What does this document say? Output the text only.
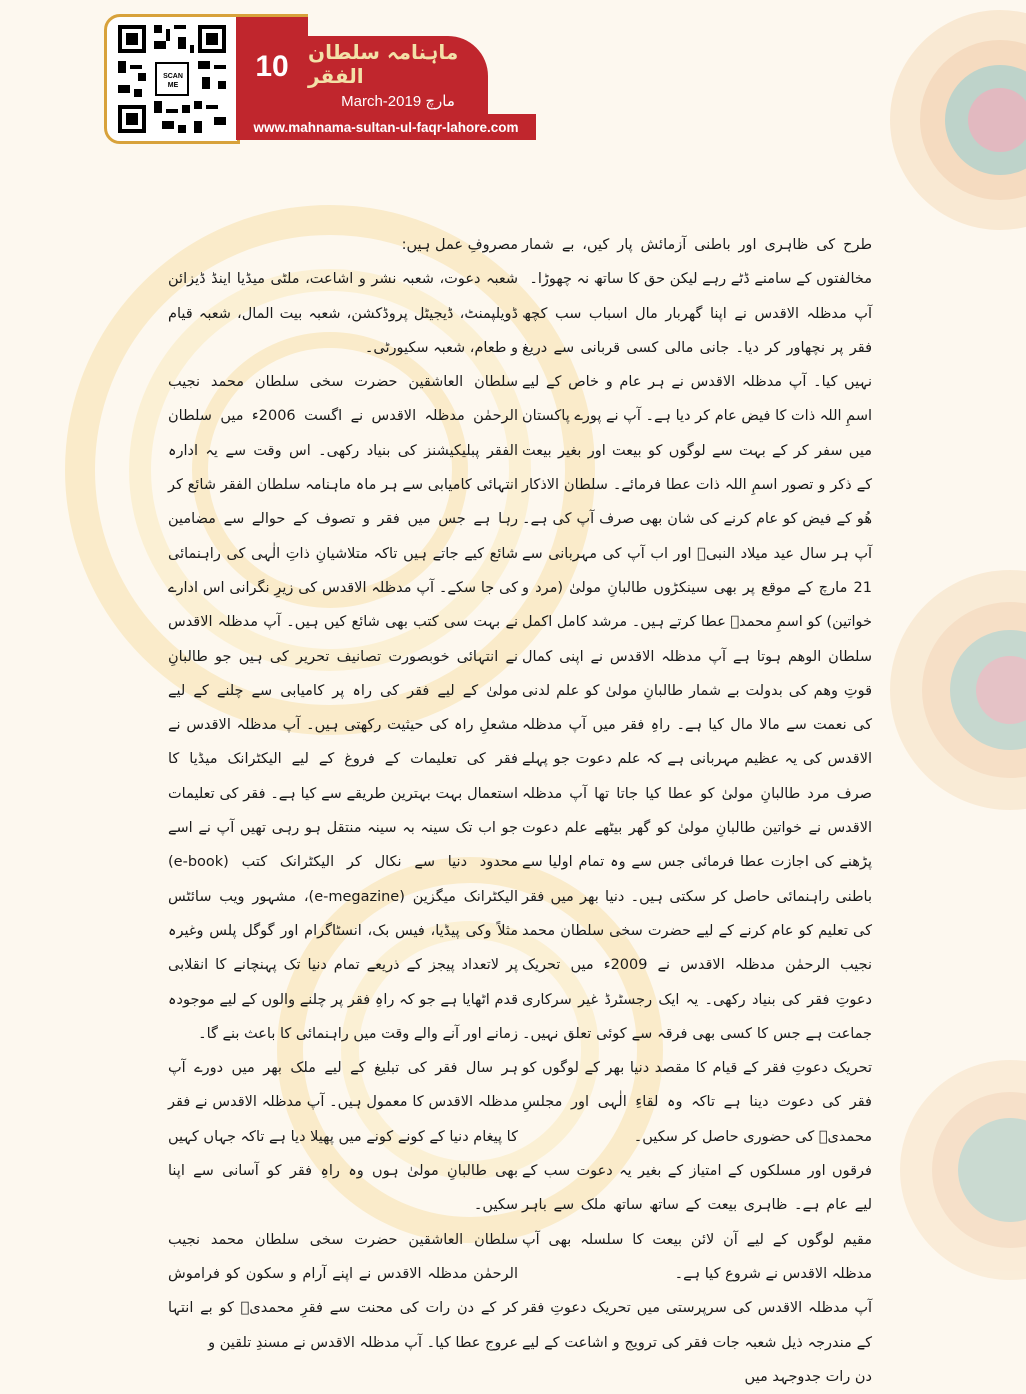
SCAN ME
10 ماہنامہ سلطان الفقر
March-2019 مارچ
www.mahnama-sultan-ul-faqr-lahore.com

طرح کی ظاہری اور باطنی آزمائش پار کیں، بے شمار مخالفتوں کے سامنے ڈٹے رہے لیکن حق کا ساتھ نہ چھوڑا۔

آپ مدظلہ الاقدس نے اپنا گھربار مال اسباب سب کچھ فقر پر نچھاور کر دیا۔ جانی مالی کسی قربانی سے دریغ نہیں کیا۔ آپ مدظلہ الاقدس نے ہر عام و خاص کے لیے اسمِ اللہ ذات کا فیض عام کر دیا ہے۔ آپ نے پورے پاکستان میں سفر کر کے بہت سے لوگوں کو بیعت اور بغیر بیعت کے ذکر و تصور اسمِ اللہ ذات عطا فرمائے۔ سلطان الاذکار ھُو کے فیض کو عام کرنے کی شان بھی صرف آپ کی ہے۔ آپ ہر سال عید میلاد النبیؐ اور اب آپ کی مہربانی سے 21 مارچ کے موقع پر بھی سینکڑوں طالبانِ مولیٰ (مرد و خواتین) کو اسمِ محمدؐ عطا کرتے ہیں۔ مرشد کامل اکمل سلطان الوھم ہوتا ہے آپ مدظلہ الاقدس نے اپنی کمال قوتِ وھم کی بدولت بے شمار طالبانِ مولیٰ کو علم لدنی کی نعمت سے مالا مال کیا ہے۔ راہِ فقر میں آپ مدظلہ الاقدس کی یہ عظیم مہربانی ہے کہ علم دعوت جو پہلے صرف مرد طالبانِ مولیٰ کو عطا کیا جاتا تھا آپ مدظلہ الاقدس نے خواتین طالبانِ مولیٰ کو گھر بیٹھے علم دعوت پڑھنے کی اجازت عطا فرمائی جس سے وہ تمام اولیا سے باطنی راہنمائی حاصل کر سکتی ہیں۔ دنیا بھر میں فقر کی تعلیم کو عام کرنے کے لیے حضرت سخی سلطان محمد نجیب الرحمٰن مدظلہ الاقدس نے 2009ء میں تحریک دعوتِ فقر کی بنیاد رکھی۔ یہ ایک رجسٹرڈ غیر سرکاری جماعت ہے جس کا کسی بھی فرقہ سے کوئی تعلق نہیں۔ تحریک دعوتِ فقر کے قیام کا مقصد دنیا بھر کے لوگوں کو فقر کی دعوت دینا ہے تاکہ وہ لقاءِ الٰہی اور مجلسِ محمدیؐ کی حضوری حاصل کر سکیں۔

فرقوں اور مسلکوں کے امتیاز کے بغیر یہ دعوت سب کے لیے عام ہے۔ ظاہری بیعت کے ساتھ ساتھ ملک سے باہر مقیم لوگوں کے لیے آن لائن بیعت کا سلسلہ بھی آپ مدظلہ الاقدس نے شروع کیا ہے۔

آپ مدظلہ الاقدس کی سرپرستی میں تحریک دعوتِ فقر کے مندرجہ ذیل شعبہ جات فقر کی ترویج و اشاعت کے لیے دن رات جدوجہد میں

مصروفِ عمل ہیں:

شعبہ دعوت، شعبہ نشر و اشاعت، ملٹی میڈیا اینڈ ڈیزائن ڈویلپمنٹ، ڈیجیٹل پروڈکشن، شعبہ بیت المال، شعبہ قیام و طعام، شعبہ سکیورٹی۔

سلطان العاشقین حضرت سخی سلطان محمد نجیب الرحمٰن مدظلہ الاقدس نے اگست 2006ء میں سلطان الفقر پبلیکیشنز کی بنیاد رکھی۔ اس وقت سے یہ ادارہ انتہائی کامیابی سے ہر ماہ ماہنامہ سلطان الفقر شائع کر رہا ہے جس میں فقر و تصوف کے حوالے سے مضامین شائع کیے جاتے ہیں تاکہ متلاشیانِ ذاتِ الٰہی کی راہنمائی کی جا سکے۔ آپ مدظلہ الاقدس کی زیرِ نگرانی اس ادارے نے بہت سی کتب بھی شائع کیں ہیں۔ آپ مدظلہ الاقدس نے انتہائی خوبصورت تصانیف تحریر کی ہیں جو طالبانِ مولیٰ کے لیے فقر کی راہ پر کامیابی سے چلنے کے لیے مشعلِ راہ کی حیثیت رکھتی ہیں۔ آپ مدظلہ الاقدس نے فقر کی تعلیمات کے فروغ کے لیے الیکٹرانک میڈیا کا استعمال بہت بہترین طریقے سے کیا ہے۔ فقر کی تعلیمات جو اب تک سینہ بہ سینہ منتقل ہو رہی تھیں آپ نے اسے محدود دنیا سے نکال کر الیکٹرانک کتب (e-book) الیکٹرانک میگزین (e-megazine)، مشہور ویب سائٹس مثلاً وکی پیڈیا، فیس بک، انسٹاگرام اور گوگل پلس وغیرہ پر لاتعداد پیجز کے ذریعے تمام دنیا تک پہنچانے کا انقلابی قدم اٹھایا ہے جو کہ راہِ فقر پر چلنے والوں کے لیے موجودہ زمانے اور آنے والے وقت میں راہنمائی کا باعث بنے گا۔

ہر سال فقر کی تبلیغ کے لیے ملک بھر میں دورے آپ مدظلہ الاقدس کا معمول ہیں۔ آپ مدظلہ الاقدس نے فقر کا پیغام دنیا کے کونے کونے میں پھیلا دیا ہے تاکہ جہاں کہیں بھی طالبانِ مولیٰ ہوں وہ راہِ فقر کو آسانی سے اپنا سکیں۔

سلطان العاشقین حضرت سخی سلطان محمد نجیب الرحمٰن مدظلہ الاقدس نے اپنے آرام و سکون کو فراموش کر کے دن رات کی محنت سے فقرِ محمدیؐ کو بے انتہا عروج عطا کیا۔ آپ مدظلہ الاقدس نے مسندِ تلقین و
